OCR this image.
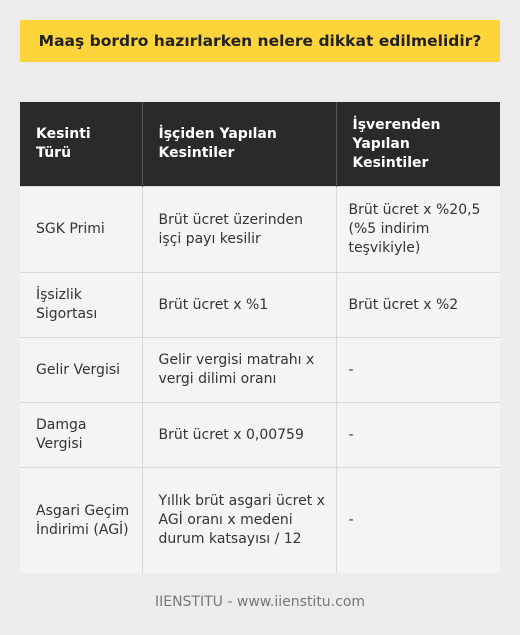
Maaş bordro hazırlarken nelere dikkat edilmelidir?
Kesinti Türü	İşçiden Yapılan Kesintiler	İşverenden Yapılan Kesintiler
SGK Primi	Brüt ücret üzerinden işçi payı kesilir	Brüt ücret x %20,5 (%5 indirim teşvikiyle)
İşsizlik Sigortası	Brüt ücret x %1	Brüt ücret x %2
Gelir Vergisi	Gelir vergisi matrahı x vergi dilimi oranı	-
Damga Vergisi	Brüt ücret x 0,00759	-
Asgari Geçim İndirimi (AGİ)	Yıllık brüt asgari ücret x AGİ oranı x medeni durum katsayısı / 12	-
IIENSTITU - www.iienstitu.com
